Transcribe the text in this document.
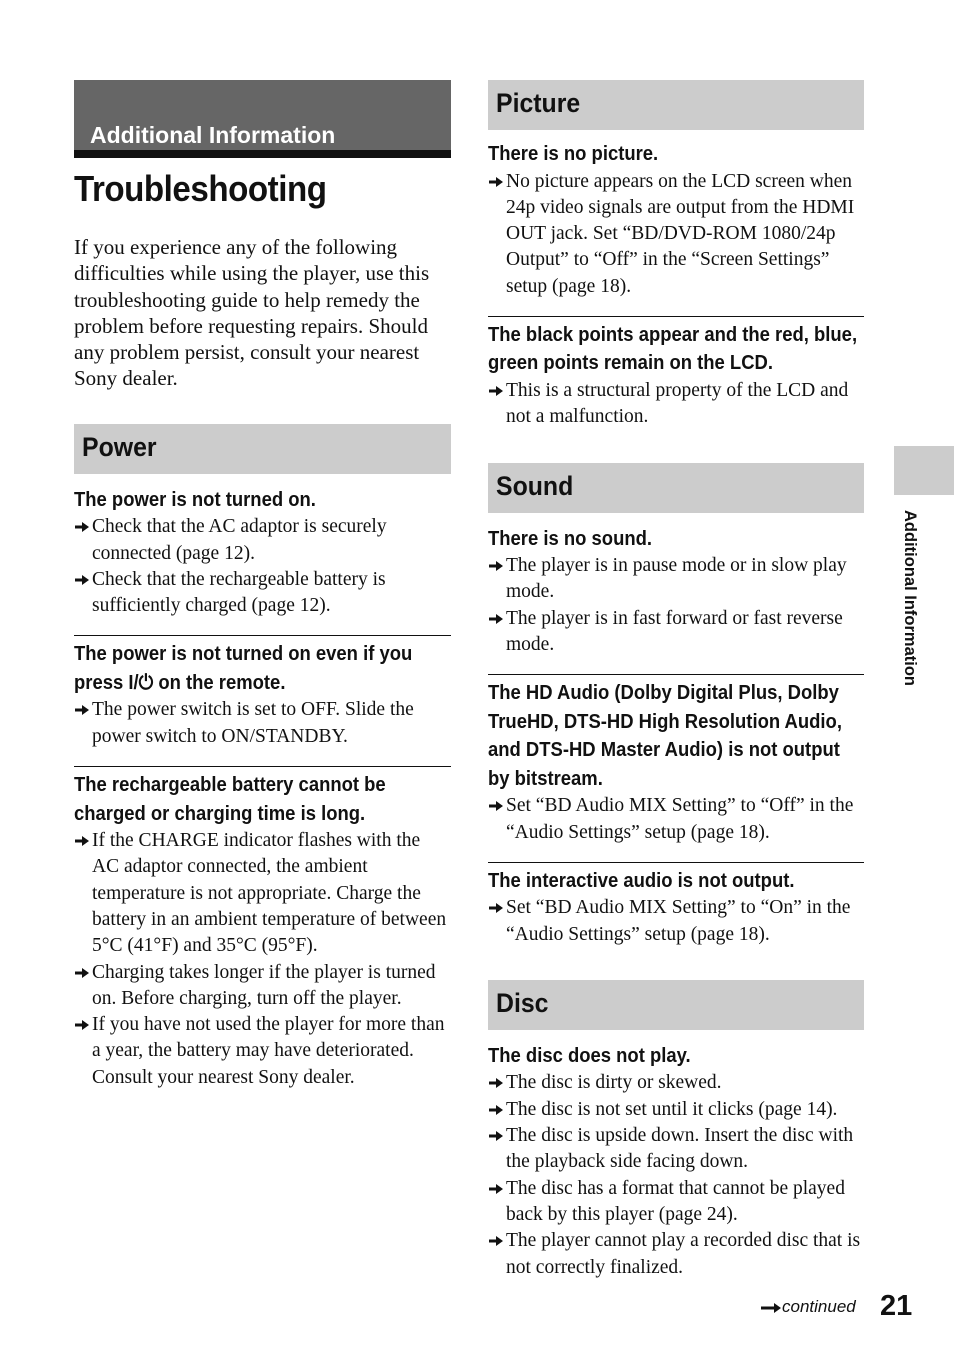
Additional Information
Troubleshooting

If you experience any of the following difficulties while using the player, use this troubleshooting guide to help remedy the problem before requesting repairs. Should any problem persist, consult your nearest Sony dealer.

Power

The power is not turned on.

Check that the AC adaptor is securely connected (page 12).
Check that the rechargeable battery is sufficiently charged (page 12).

The power is not turned on even if you press I/⏻ on the remote.

The power switch is set to OFF. Slide the power switch to ON/STANDBY.

The rechargeable battery cannot be charged or charging time is long.

If the CHARGE indicator flashes with the AC adaptor connected, the ambient temperature is not appropriate. Charge the battery in an ambient temperature of between 5°C (41°F) and 35°C (95°F).
Charging takes longer if the player is turned on. Before charging, turn off the player.
If you have not used the player for more than a year, the battery may have deteriorated. Consult your nearest Sony dealer.
Picture

There is no picture.

No picture appears on the LCD screen when 24p video signals are output from the HDMI OUT jack. Set “BD/DVD-ROM 1080/24p Output” to “Off” in the “Screen Settings” setup (page 18).

The black points appear and the red, blue, green points remain on the LCD.

This is a structural property of the LCD and not a malfunction.
Sound

There is no sound.

The player is in pause mode or in slow play mode.
The player is in fast forward or fast reverse mode.

The HD Audio (Dolby Digital Plus, Dolby TrueHD, DTS-HD High Resolution Audio, and DTS-HD Master Audio) is not output by bitstream.

Set “BD Audio MIX Setting” to “Off” in the “Audio Settings” setup (page 18).

The interactive audio is not output.

Set “BD Audio MIX Setting” to “On” in the “Audio Settings” setup (page 18).
Disc

The disc does not play.

The disc is dirty or skewed.
The disc is not set until it clicks (page 14).
The disc is upside down. Insert the disc with the playback side facing down.
The disc has a format that cannot be played back by this player (page 24).
The player cannot play a recorded disc that is not correctly finalized.
Additional Information
continued 21
